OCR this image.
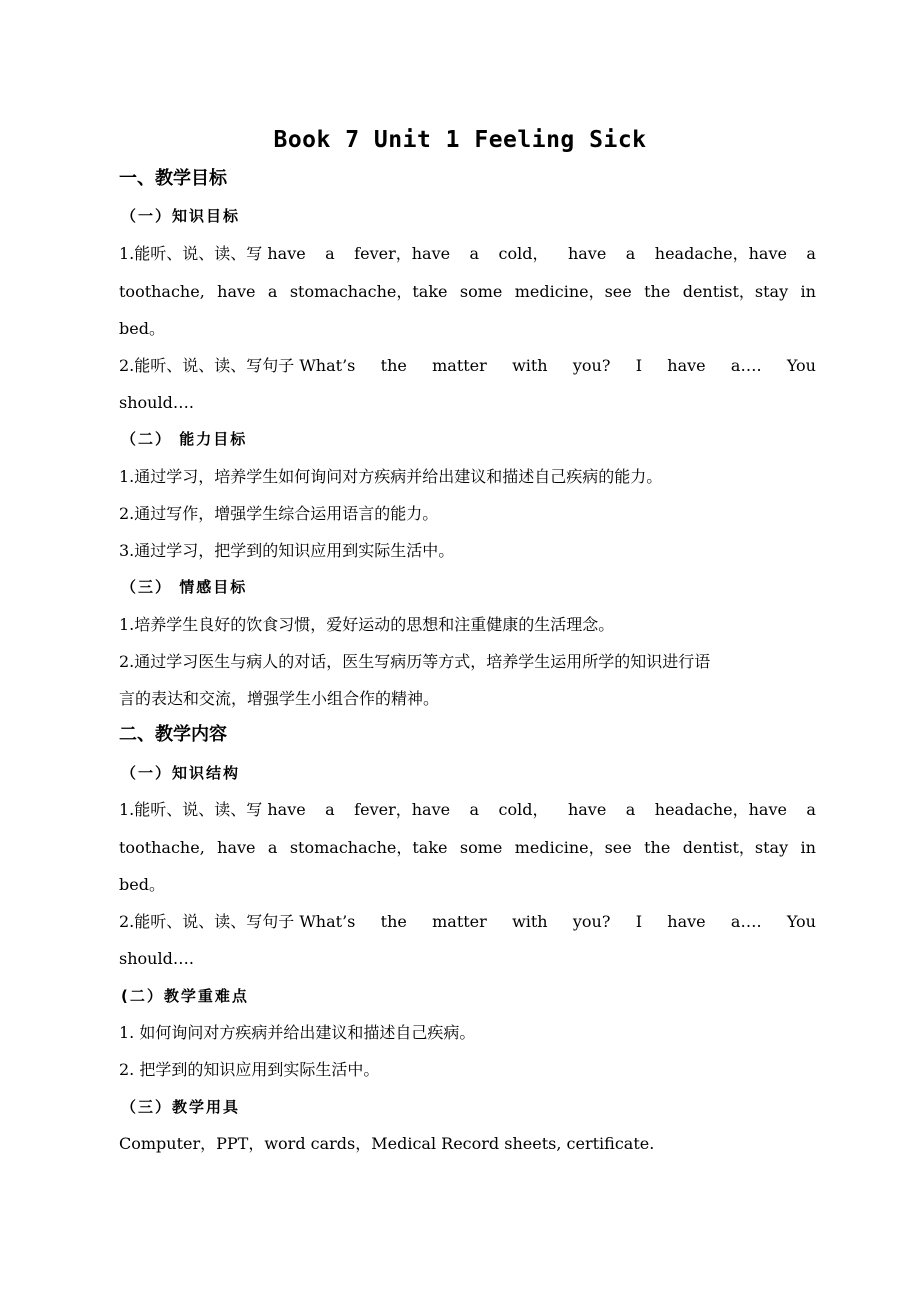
Book 7 Unit 1 Feeling Sick
一、教学目标
（一）知识目标
1.能听、说、读、写 have a fever，have a cold， have a headache，have a
toothache, have a stomachache，take some medicine，see the dentist，stay in
bed。
2.能听、说、读、写句子 What’s the matter with you? I have a…. You
should….
（二） 能力目标
1.通过学习，培养学生如何询问对方疾病并给出建议和描述自己疾病的能力。
2.通过写作，增强学生综合运用语言的能力。
3.通过学习，把学到的知识应用到实际生活中。
（三） 情感目标
1.培养学生良好的饮食习惯，爱好运动的思想和注重健康的生活理念。
2.通过学习医生与病人的对话，医生写病历等方式，培养学生运用所学的知识进行语
言的表达和交流，增强学生小组合作的精神。
二、教学内容
（一）知识结构
1.能听、说、读、写 have a fever，have a cold， have a headache，have a
toothache, have a stomachache，take some medicine，see the dentist，stay in
bed。
2.能听、说、读、写句子 What’s the matter with you? I have a…. You
should….
(二）教学重难点
1. 如何询问对方疾病并给出建议和描述自己疾病。
2. 把学到的知识应用到实际生活中。
（三）教学用具
Computer，PPT，word cards，Medical Record sheets, certificate.
